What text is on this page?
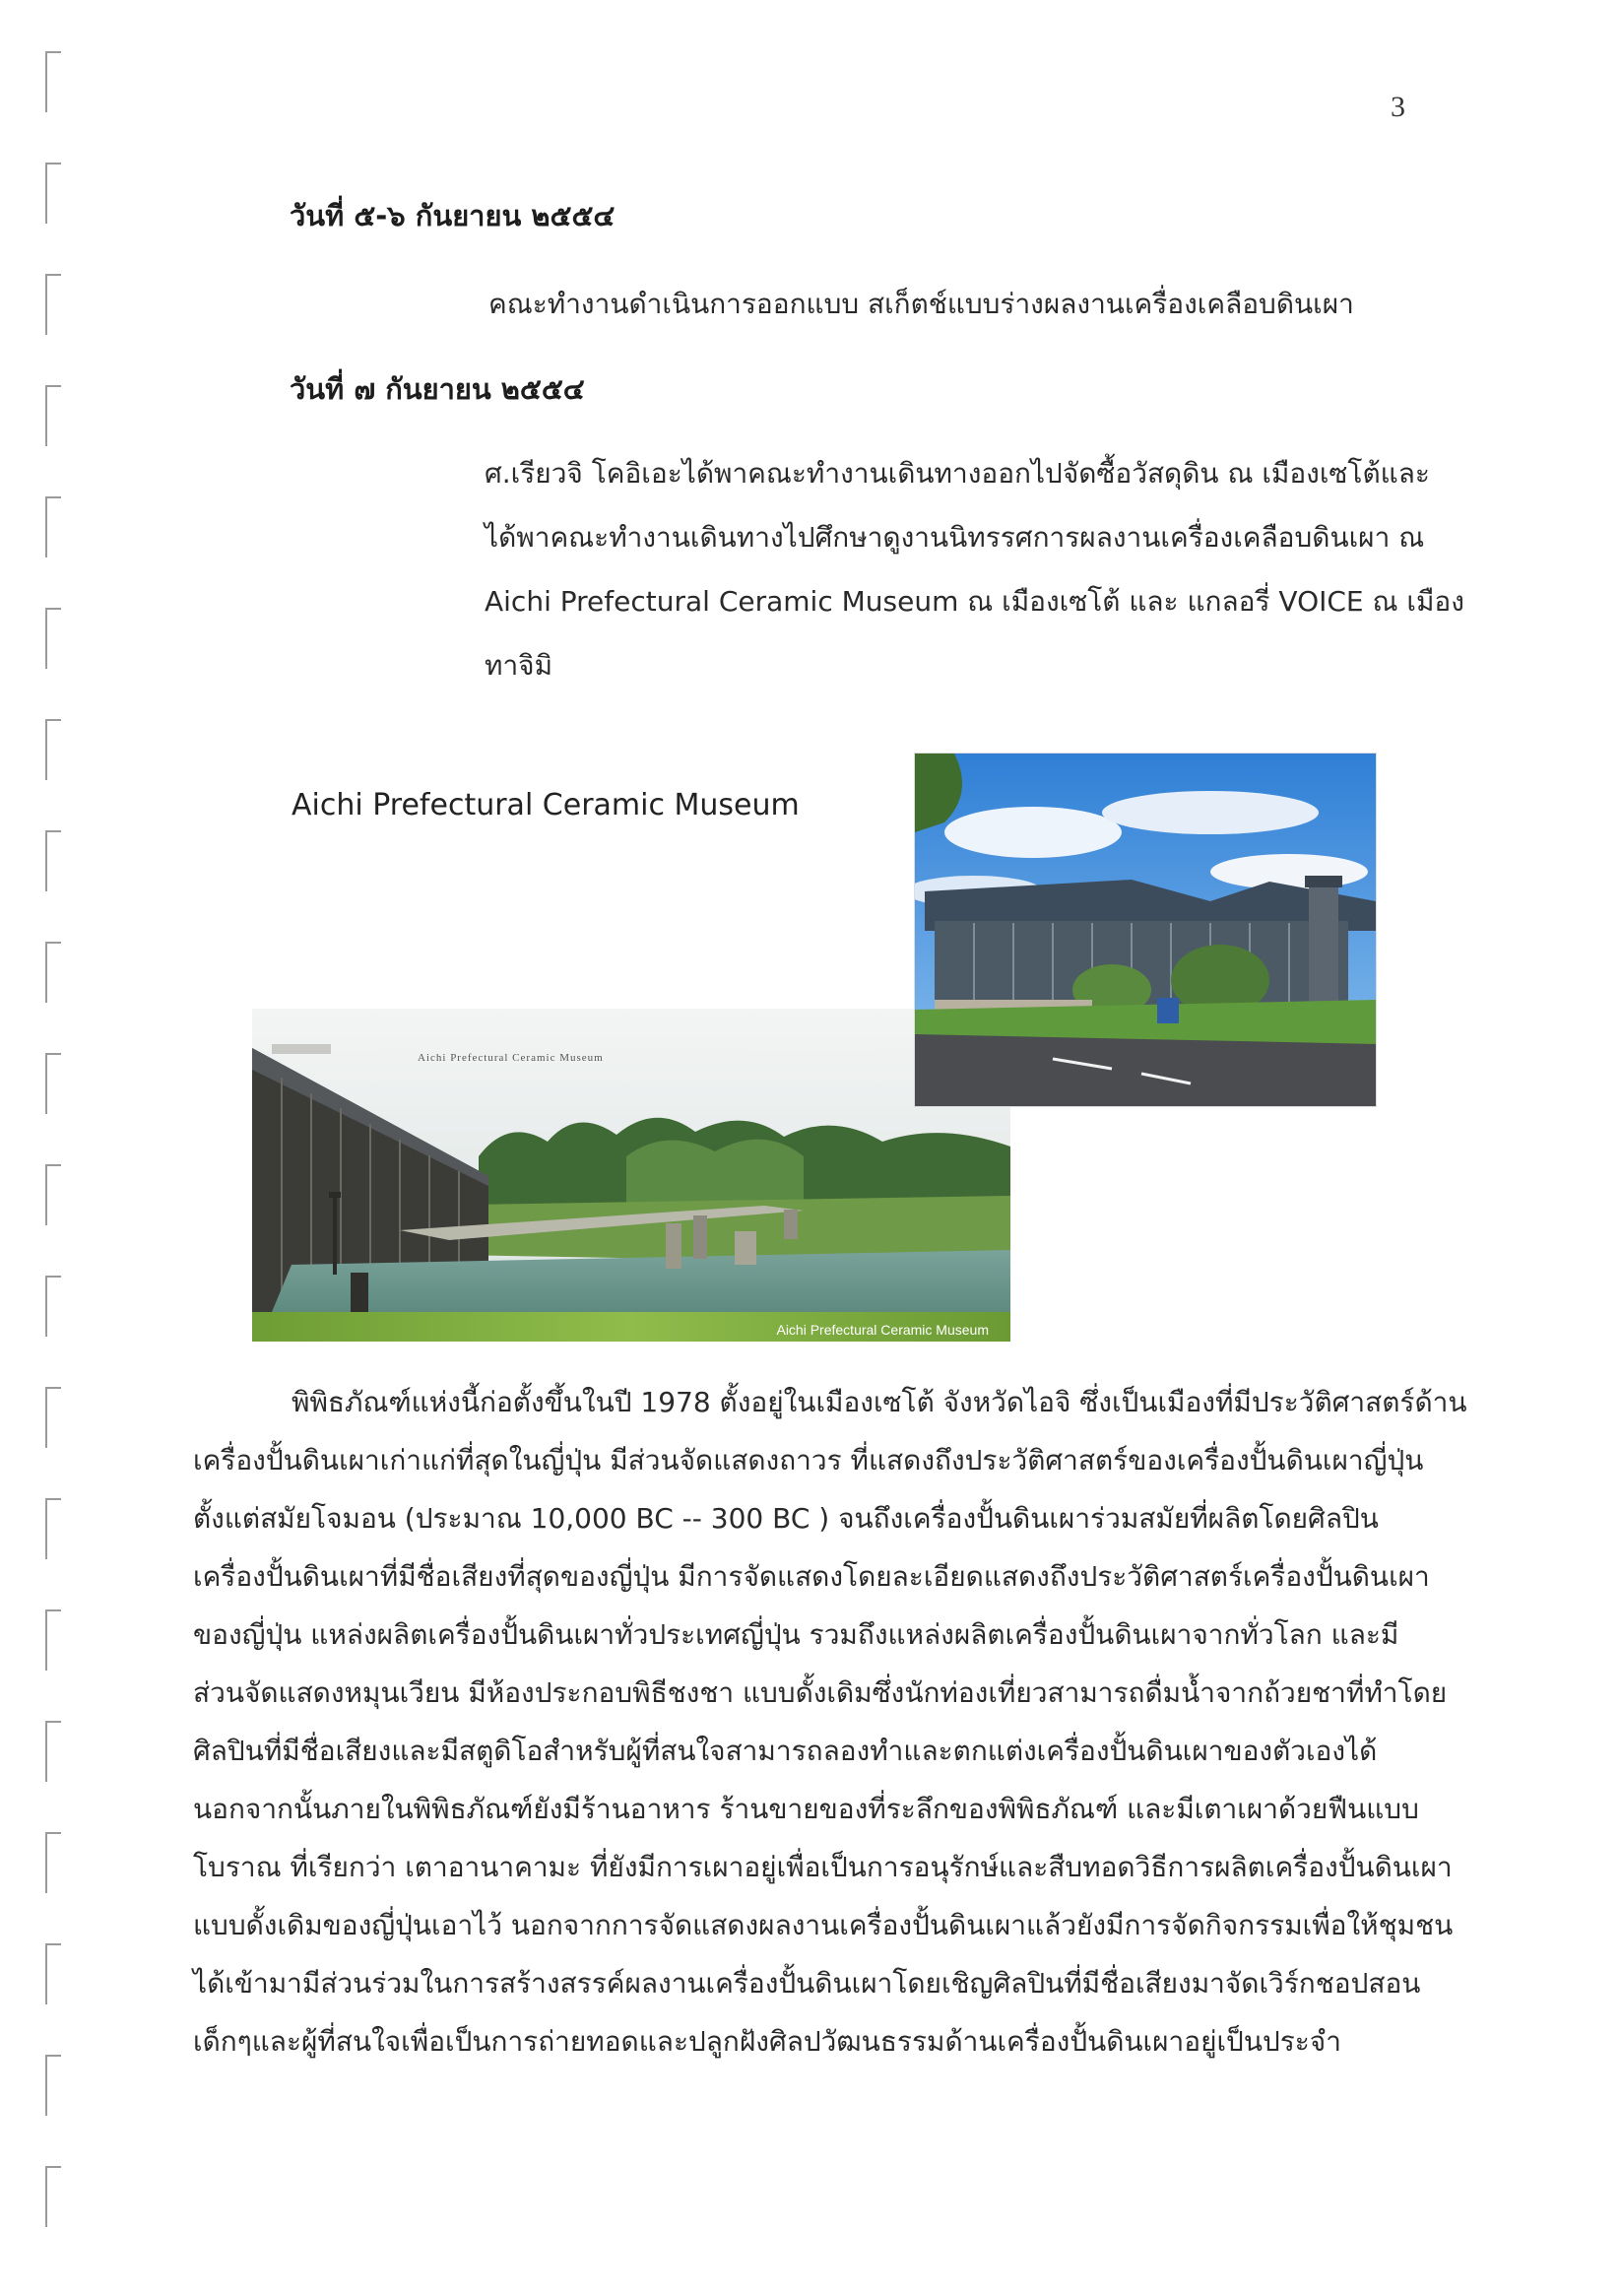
3
วันที่ ๕-๖ กันยายน ๒๕๕๔
คณะทำงานดำเนินการออกแบบ สเก็ตช์แบบร่างผลงานเครื่องเคลือบดินเผา
วันที่ ๗ กันยายน ๒๕๕๔
ศ.เรียวจิ โคอิเอะได้พาคณะทำงานเดินทางออกไปจัดซื้อวัสดุดิน ณ เมืองเซโต้และ
ได้พาคณะทำงานเดินทางไปศึกษาดูงานนิทรรศการผลงานเครื่องเคลือบดินเผา ณ
Aichi Prefectural Ceramic Museum ณ เมืองเซโต้ และ แกลอรี่ VOICE ณ เมือง
ทาจิมิ
Aichi Prefectural Ceramic Museum
Aichi Prefectural Ceramic Museum
Aichi Prefectural Ceramic Museum
พิพิธภัณฑ์แห่งนี้ก่อตั้งขึ้นในปี 1978 ตั้งอยู่ในเมืองเซโต้ จังหวัดไอจิ ซึ่งเป็นเมืองที่มีประวัติศาสตร์ด้าน
เครื่องปั้นดินเผาเก่าแก่ที่สุดในญี่ปุ่น มีส่วนจัดแสดงถาวร ที่แสดงถึงประวัติศาสตร์ของเครื่องปั้นดินเผาญี่ปุ่น
ตั้งแต่สมัยโจมอน (ประมาณ 10,000 BC -- 300 BC ) จนถึงเครื่องปั้นดินเผาร่วมสมัยที่ผลิตโดยศิลปิน
เครื่องปั้นดินเผาที่มีชื่อเสียงที่สุดของญี่ปุ่น มีการจัดแสดงโดยละเอียดแสดงถึงประวัติศาสตร์เครื่องปั้นดินเผา
ของญี่ปุ่น แหล่งผลิตเครื่องปั้นดินเผาทั่วประเทศญี่ปุ่น รวมถึงแหล่งผลิตเครื่องปั้นดินเผาจากทั่วโลก และมี
ส่วนจัดแสดงหมุนเวียน มีห้องประกอบพิธีชงชา แบบดั้งเดิมซึ่งนักท่องเที่ยวสามารถดื่มน้ำจากถ้วยชาที่ทำโดย
ศิลปินที่มีชื่อเสียงและมีสตูดิโอสำหรับผู้ที่สนใจสามารถลองทำและตกแต่งเครื่องปั้นดินเผาของตัวเองได้
นอกจากนั้นภายในพิพิธภัณฑ์ยังมีร้านอาหาร ร้านขายของที่ระลึกของพิพิธภัณฑ์ และมีเตาเผาด้วยฟืนแบบ
โบราณ ที่เรียกว่า เตาอานาคามะ ที่ยังมีการเผาอยู่เพื่อเป็นการอนุรักษ์และสืบทอดวิธีการผลิตเครื่องปั้นดินเผา
แบบดั้งเดิมของญี่ปุ่นเอาไว้ นอกจากการจัดแสดงผลงานเครื่องปั้นดินเผาแล้วยังมีการจัดกิจกรรมเพื่อให้ชุมชน
ได้เข้ามามีส่วนร่วมในการสร้างสรรค์ผลงานเครื่องปั้นดินเผาโดยเชิญศิลปินที่มีชื่อเสียงมาจัดเวิร์กชอปสอน
เด็กๆและผู้ที่สนใจเพื่อเป็นการถ่ายทอดและปลูกฝังศิลปวัฒนธรรมด้านเครื่องปั้นดินเผาอยู่เป็นประจำ
